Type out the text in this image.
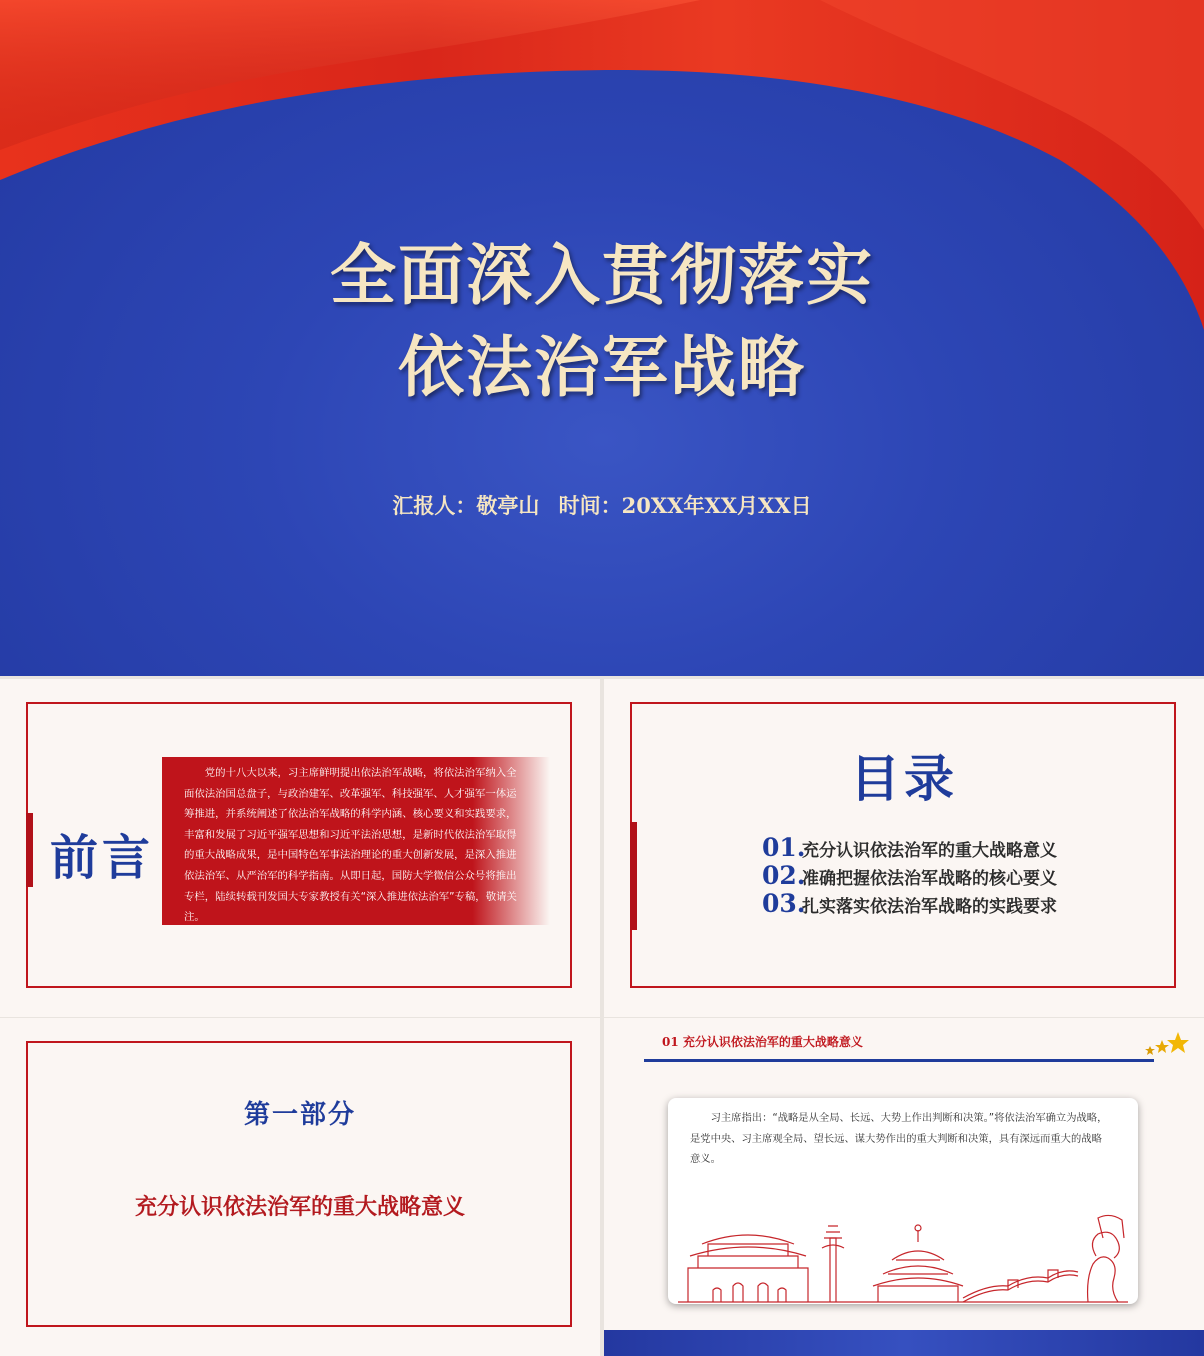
全面深入贯彻落实
依法治军战略
汇报人：敬亭山 时间：20XX年XX月XX日
前言
党的十八大以来，习主席鲜明提出依法治军战略，将依法治军纳入全面依法治国总盘子，与政治建军、改革强军、科技强军、人才强军一体运筹推进，并系统阐述了依法治军战略的科学内涵、核心要义和实践要求，丰富和发展了习近平强军思想和习近平法治思想，是新时代依法治军取得的重大战略成果，是中国特色军事法治理论的重大创新发展，是深入推进依法治军、从严治军的科学指南。从即日起，国防大学微信公众号将推出专栏，陆续转载刊发国大专家教授有关“深入推进依法治军”专稿，敬请关注。
目录
01.
充分认识依法治军的重大战略意义
02.
准确把握依法治军战略的核心要义
03.
扎实落实依法治军战略的实践要求
第一部分
充分认识依法治军的重大战略意义
01 充分认识依法治军的重大战略意义
习主席指出：“战略是从全局、长远、大势上作出判断和决策。”将依法治军确立为战略，是党中央、习主席观全局、望长远、谋大势作出的重大判断和决策，具有深远而重大的战略意义。
